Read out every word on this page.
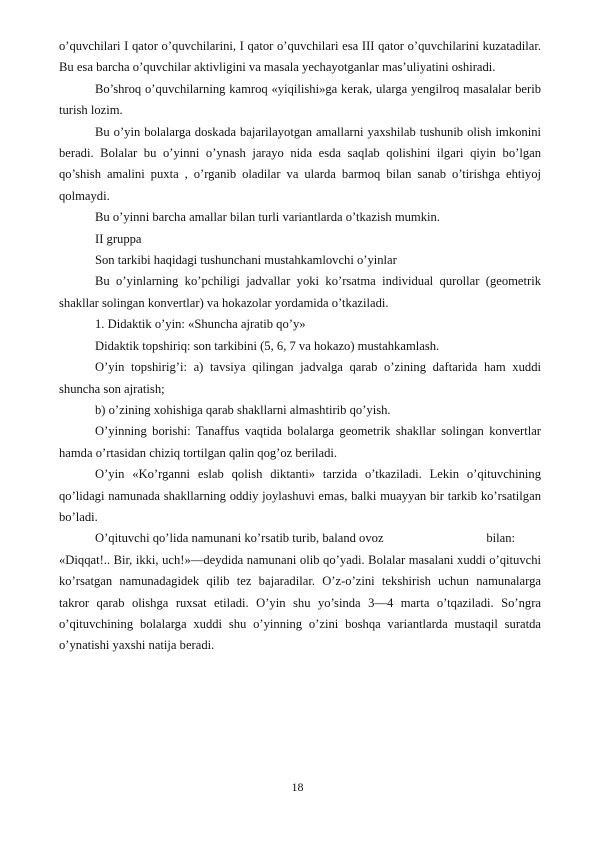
o’quvchilari I qator o’quvchilarini, I qator o’quvchilari esa III qator o’quvchilarini kuzatadilar. Bu esa barcha o’quvchilar aktivligini va masala yechayotganlar mas’uliyatini oshiradi.

Bo’shroq o’quvchilarning kamroq «yiqilishi»ga kerak, ularga yengilroq masalalar berib turish lozim.

Bu o’yin bolalarga doskada bajarilayotgan amallarni yaxshilab tushunib olish imkonini beradi. Bolalar bu o’yinni o’ynash jarayo nida esda saqlab qolishini ilgari qiyin bo’lgan qo’shish amalini puxta , o’rganib oladilar va ularda barmoq bilan sanab o’tirishga ehtiyoj qolmaydi.

Bu o’yinni barcha amallar bilan turli variantlarda o’tkazish mumkin.

II gruppa

Son tarkibi haqidagi tushunchani mustahkamlovchi o’yinlar

Bu o’yinlarning ko’pchiligi jadvallar yoki ko’rsatma individual qurollar (geometrik shakllar solingan konvertlar) va hokazolar yordamida o’tkaziladi.

1. Didaktik o’yin: «Shuncha ajratib qo’y»

Didaktik topshiriq: son tarkibini (5, 6, 7 va hokazo) mustahkamlash.

O’yin topshirig’i: a) tavsiya qilingan jadvalga qarab o’zining daftarida ham xuddi shuncha son ajratish;

b) o’zining xohishiga qarab shakllarni almashtirib qo’yish.

O’yinning borishi: Tanaffus vaqtida bolalarga geometrik shakllar solingan konvertlar hamda o’rtasidan chiziq tortilgan qalin qog’oz beriladi.

O’yin «Ko’rganni eslab qolish diktanti» tarzida o’tkaziladi. Lekin o’qituvchining qo’lidagi namunada shakllarning oddiy joylashuvi emas, balki muayyan bir tarkib ko’rsatilgan bo’ladi.

O’qituvchi qo’lida namunani ko’rsatib turib, baland ovoz	bilan:

«Diqqat!.. Bir, ikki, uch!»—deydida namunani olib qo’yadi. Bolalar masalani xuddi o’qituvchi ko’rsatgan namunadagidek qilib tez bajaradilar. O’z-o’zini tekshirish uchun namunalarga takror qarab olishga ruxsat etiladi. O’yin shu yo’sinda 3—4 marta o’tqaziladi. So’ngra o’qituvchining bolalarga xuddi shu o’yinning o’zini boshqa variantlarda mustaqil suratda o’ynatishi yaxshi natija beradi.

18
